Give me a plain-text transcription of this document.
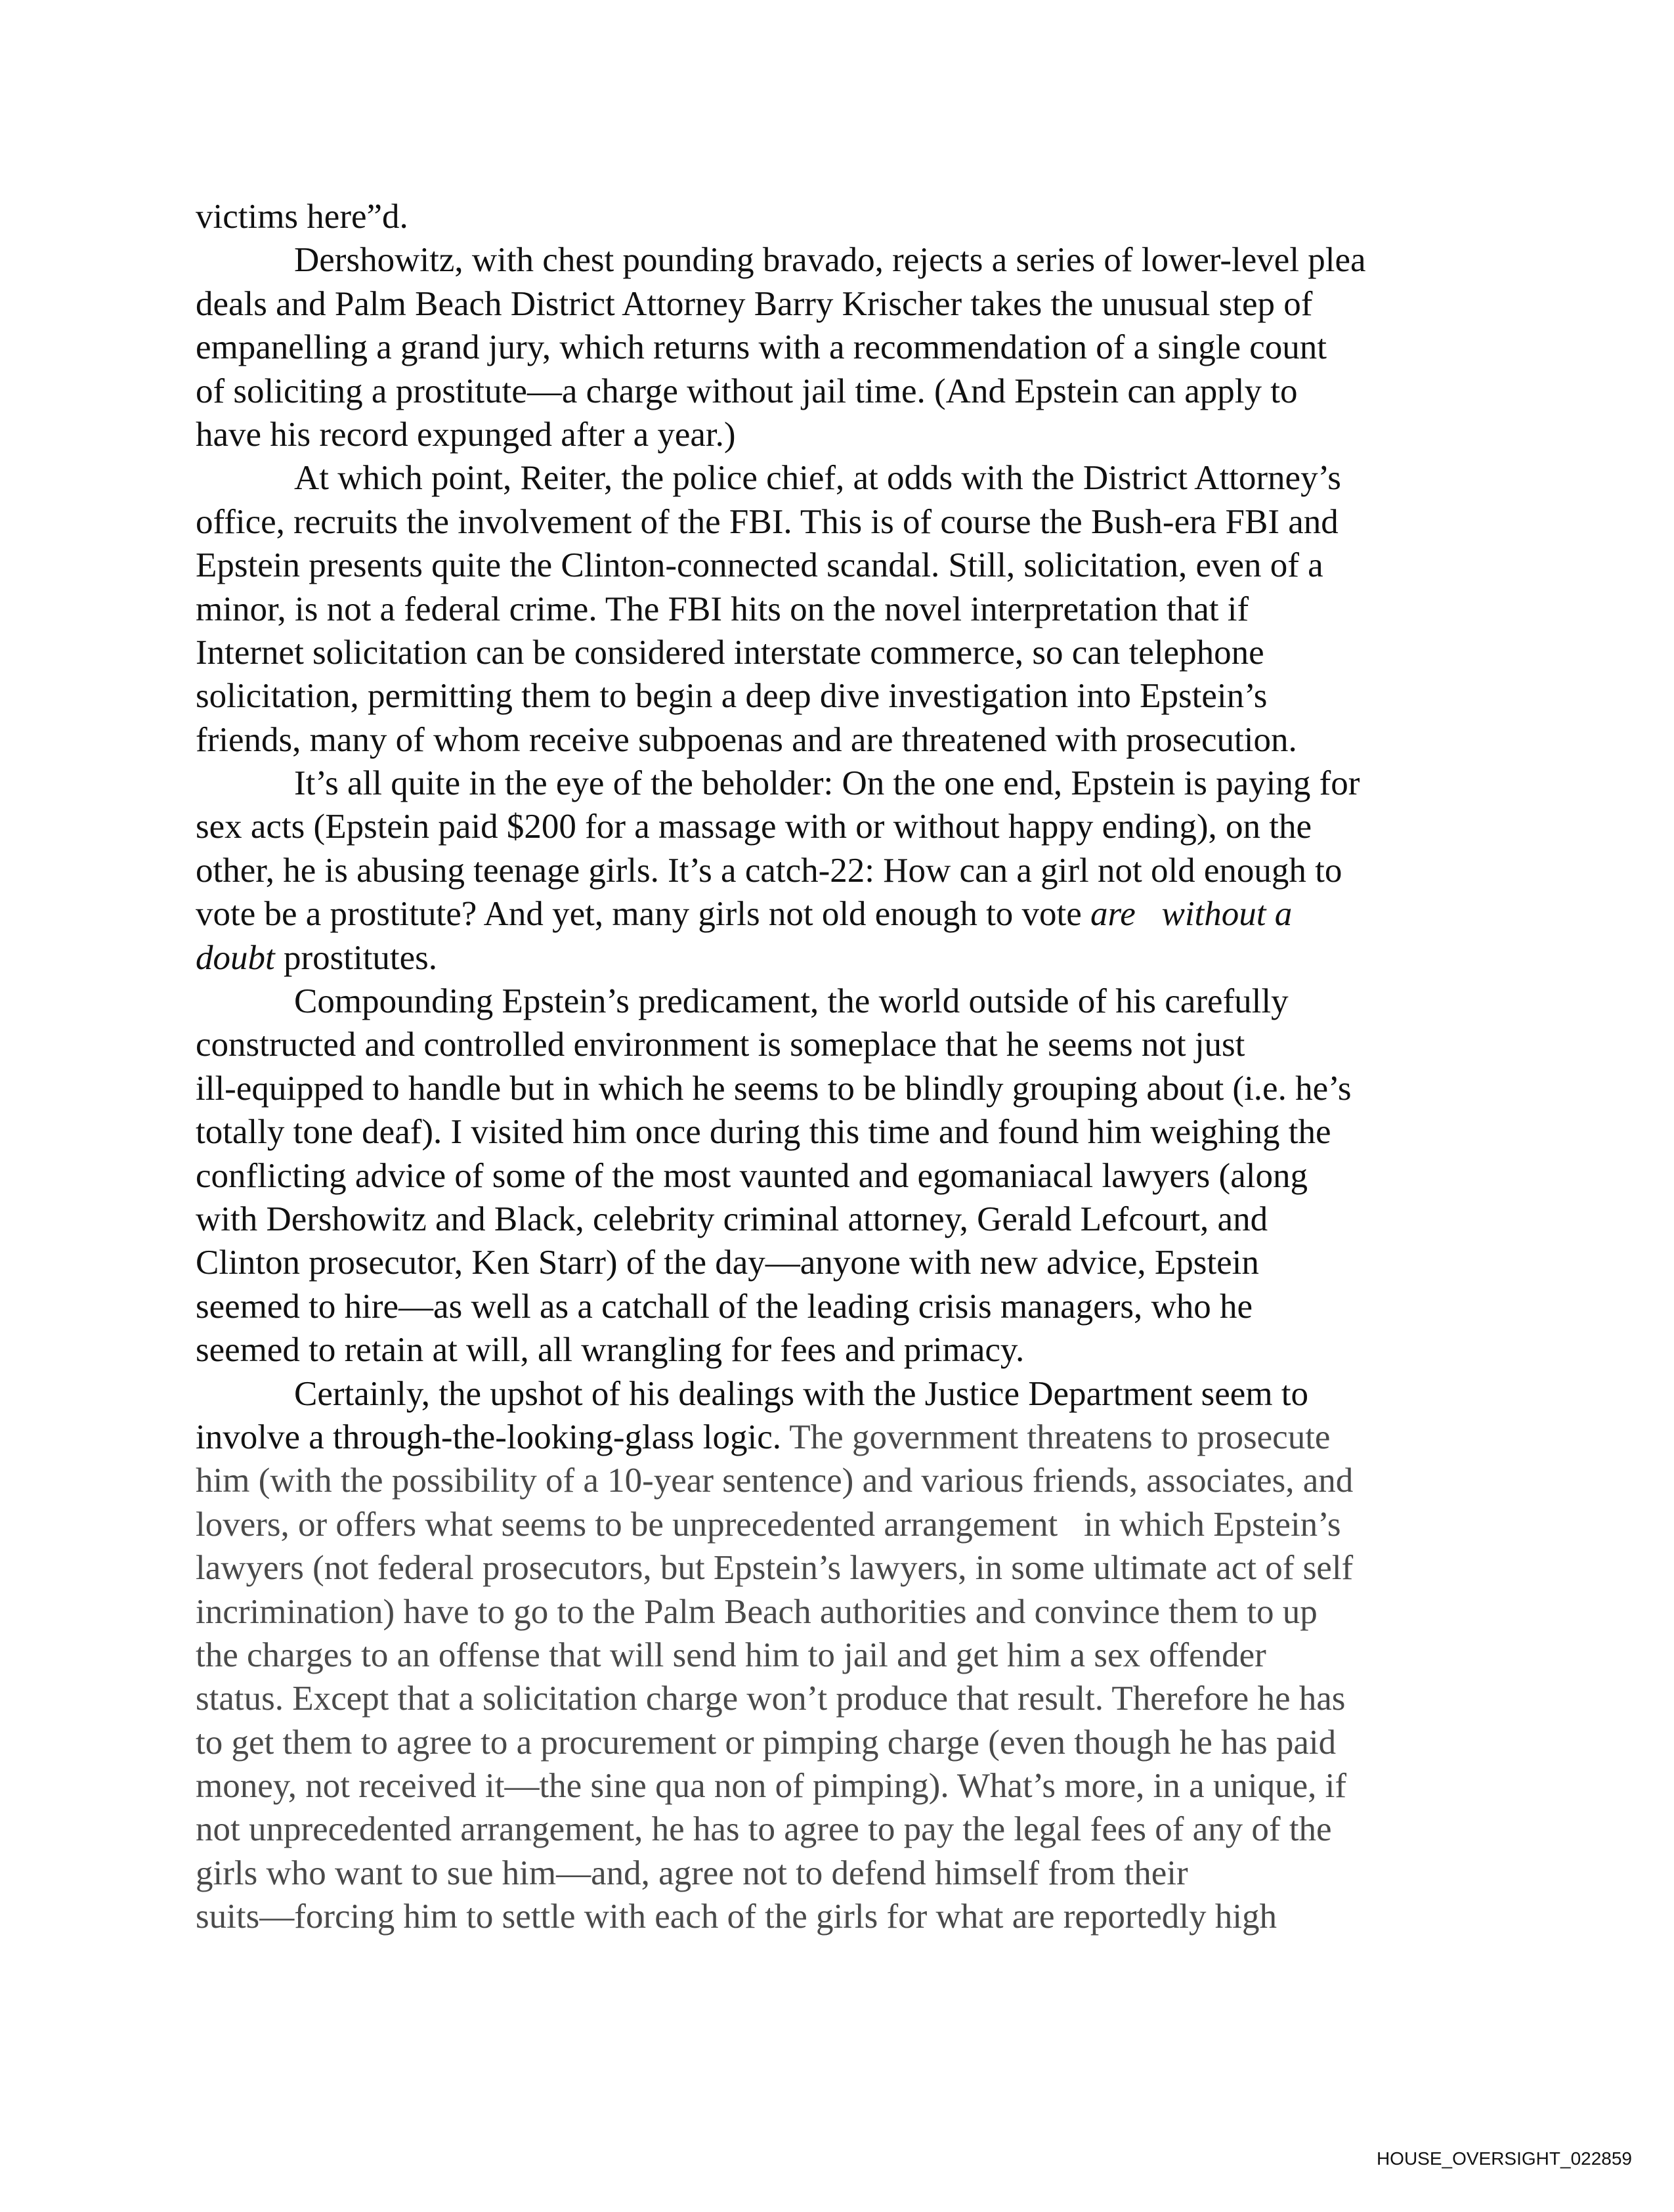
victims here”d.
Dershowitz, with chest pounding bravado, rejects a series of lower-level plea
deals and Palm Beach District Attorney Barry Krischer takes the unusual step of
empanelling a grand jury, which returns with a recommendation of a single count
of soliciting a prostitute—a charge without jail time. (And Epstein can apply to
have his record expunged after a year.)
At which point, Reiter, the police chief, at odds with the District Attorney’s
office, recruits the involvement of the FBI. This is of course the Bush-era FBI and
Epstein presents quite the Clinton-connected scandal. Still, solicitation, even of a
minor, is not a federal crime. The FBI hits on the novel interpretation that if
Internet solicitation can be considered interstate commerce, so can telephone
solicitation, permitting them to begin a deep dive investigation into Epstein’s
friends, many of whom receive subpoenas and are threatened with prosecution.
It’s all quite in the eye of the beholder: On the one end, Epstein is paying for
sex acts (Epstein paid $200 for a massage with or without happy ending), on the
other, he is abusing teenage girls. It’s a catch-22: How can a girl not old enough to
vote be a prostitute? And yet, many girls not old enough to vote are   without a
doubt prostitutes.
Compounding Epstein’s predicament, the world outside of his carefully
constructed and controlled environment is someplace that he seems not just
ill-equipped to handle but in which he seems to be blindly grouping about (i.e. he’s
totally tone deaf). I visited him once during this time and found him weighing the
conflicting advice of some of the most vaunted and egomaniacal lawyers (along
with Dershowitz and Black, celebrity criminal attorney, Gerald Lefcourt, and
Clinton prosecutor, Ken Starr) of the day—anyone with new advice, Epstein
seemed to hire—as well as a catchall of the leading crisis managers, who he
seemed to retain at will, all wrangling for fees and primacy.
Certainly, the upshot of his dealings with the Justice Department seem to
involve a through-the-looking-glass logic. The government threatens to prosecute
him (with the possibility of a 10-year sentence) and various friends, associates, and
lovers, or offers what seems to be unprecedented arrangement   in which Epstein’s
lawyers (not federal prosecutors, but Epstein’s lawyers, in some ultimate act of self
incrimination) have to go to the Palm Beach authorities and convince them to up
the charges to an offense that will send him to jail and get him a sex offender
status. Except that a solicitation charge won’t produce that result. Therefore he has
to get them to agree to a procurement or pimping charge (even though he has paid
money, not received it—the sine qua non of pimping). What’s more, in a unique, if
not unprecedented arrangement, he has to agree to pay the legal fees of any of the
girls who want to sue him—and, agree not to defend himself from their
suits—forcing him to settle with each of the girls for what are reportedly high
HOUSE_OVERSIGHT_022859
